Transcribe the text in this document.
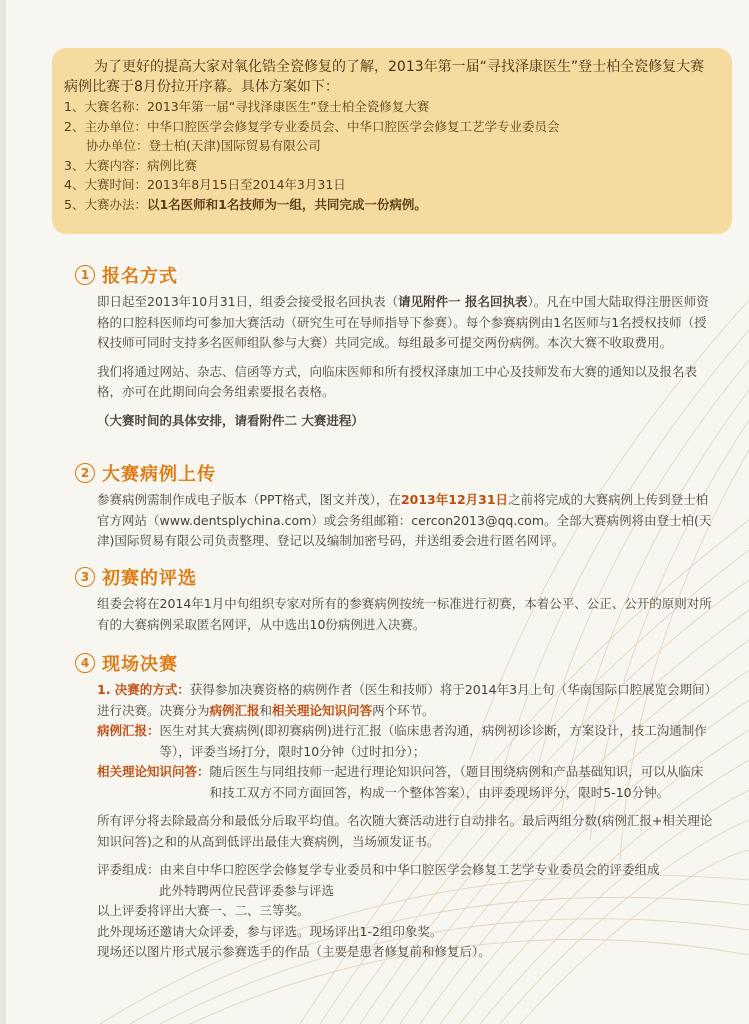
为了更好的提高大家对氧化锆全瓷修复的了解，2013年第一届“寻找泽康医生”登士柏全瓷修复大赛病例比赛于8月份拉开序幕。具体方案如下：

1、大赛名称：2013年第一届“寻找泽康医生”登士柏全瓷修复大赛

2、主办单位：中华口腔医学会修复学专业委员会、中华口腔医学会修复工艺学专业委员会

协办单位：登士柏(天津)国际贸易有限公司

3、大赛内容：病例比赛

4、大赛时间：2013年8月15日至2014年3月31日

5、大赛办法：以1名医师和1名技师为一组，共同完成一份病例。

1 报名方式

即日起至2013年10月31日，组委会接受报名回执表（请见附件一 报名回执表）。凡在中国大陆取得注册医师资格的口腔科医师均可参加大赛活动（研究生可在导师指导下参赛）。每个参赛病例由1名医师与1名授权技师（授权技师可同时支持多名医师组队参与大赛）共同完成。每组最多可提交两份病例。本次大赛不收取费用。

我们将通过网站、杂志、信函等方式，向临床医师和所有授权泽康加工中心及技师发布大赛的通知以及报名表格，亦可在此期间向会务组索要报名表格。

（大赛时间的具体安排，请看附件二 大赛进程）

2 大赛病例上传

参赛病例需制作成电子版本（PPT格式，图文并茂），在2013年12月31日之前将完成的大赛病例上传到登士柏官方网站（www.dentsplychina.com）或会务组邮箱：cercon2013@qq.com。全部大赛病例将由登士柏(天津)国际贸易有限公司负责整理、登记以及编制加密号码，并送组委会进行匿名网评。

3 初赛的评选

组委会将在2014年1月中旬组织专家对所有的参赛病例按统一标准进行初赛，本着公平、公正、公开的原则对所有的大赛病例采取匿名网评，从中选出10份病例进入决赛。

4 现场决赛

1. 决赛的方式：获得参加决赛资格的病例作者（医生和技师）将于2014年3月上旬（华南国际口腔展览会期间）进行决赛。决赛分为病例汇报和相关理论知识问答两个环节。

病例汇报： 医生对其大赛病例(即初赛病例)进行汇报（临床患者沟通，病例初诊诊断，方案设计，技工沟通制作等），评委当场打分，限时10分钟（过时扣分）；
相关理论知识问答： 随后医生与同组技师一起进行理论知识问答，（题目围绕病例和产品基础知识，可以从临床和技工双方不同方面回答，构成一个整体答案），由评委现场评分，限时5-10分钟。

所有评分将去除最高分和最低分后取平均值。名次随大赛活动进行自动排名。最后两组分数(病例汇报+相关理论知识问答)之和的从高到低评出最佳大赛病例，当场颁发证书。

评委组成：由来自中华口腔医学会修复学专业委员和中华口腔医学会修复工艺学专业委员会的评委组成

此外特聘两位民营评委参与评选

以上评委将评出大赛一、二、三等奖。

此外现场还邀请大众评委，参与评选。现场评出1-2组印象奖。

现场还以图片形式展示参赛选手的作品（主要是患者修复前和修复后）。
